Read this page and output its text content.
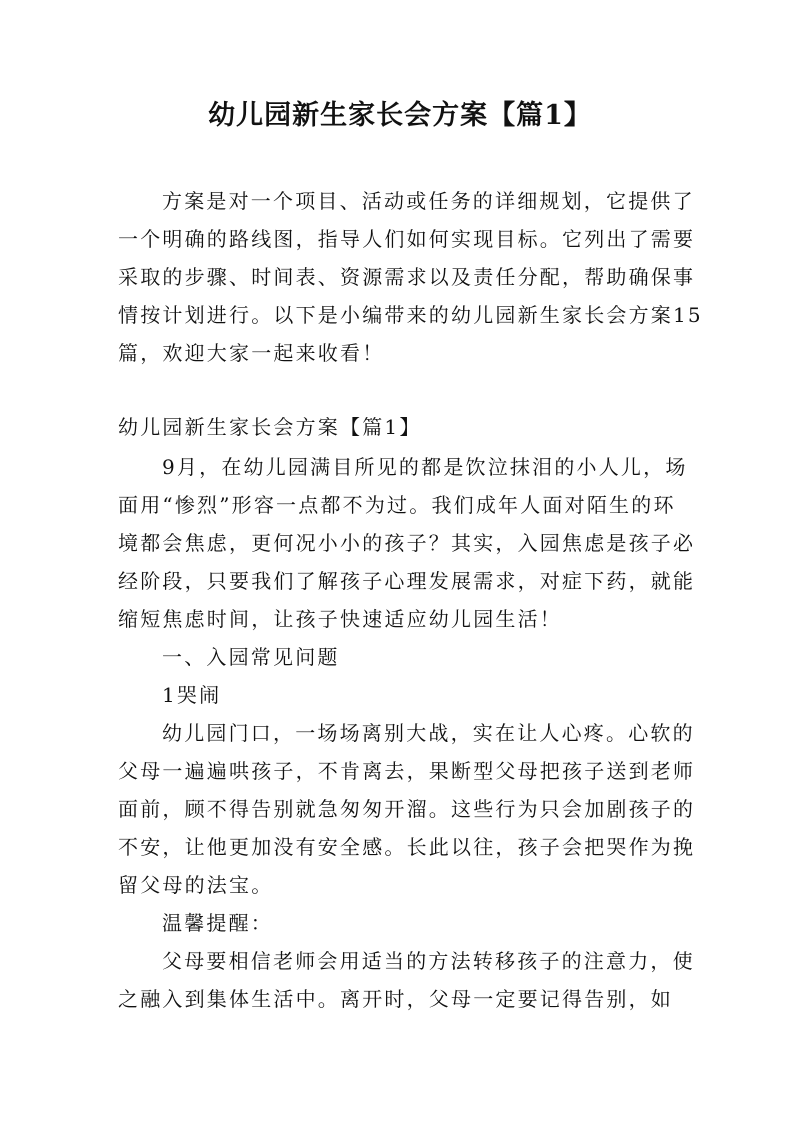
幼儿园新生家长会方案【篇1】
方案是对一个项目、活动或任务的详细规划，它提供了
一个明确的路线图，指导人们如何实现目标。它列出了需要
采取的步骤、时间表、资源需求以及责任分配，帮助确保事
情按计划进行。以下是小编带来的幼儿园新生家长会方案15
篇，欢迎大家一起来收看！
幼儿园新生家长会方案【篇1】
9月，在幼儿园满目所见的都是饮泣抹泪的小人儿，场
面用“惨烈”形容一点都不为过。我们成年人面对陌生的环
境都会焦虑，更何况小小的孩子？其实，入园焦虑是孩子必
经阶段，只要我们了解孩子心理发展需求，对症下药，就能
缩短焦虑时间，让孩子快速适应幼儿园生活！
一、入园常见问题
1哭闹
幼儿园门口，一场场离别大战，实在让人心疼。心软的
父母一遍遍哄孩子，不肯离去，果断型父母把孩子送到老师
面前，顾不得告别就急匆匆开溜。这些行为只会加剧孩子的
不安，让他更加没有安全感。长此以往，孩子会把哭作为挽
留父母的法宝。
温馨提醒：
父母要相信老师会用适当的方法转移孩子的注意力，使
之融入到集体生活中。离开时，父母一定要记得告别，如
